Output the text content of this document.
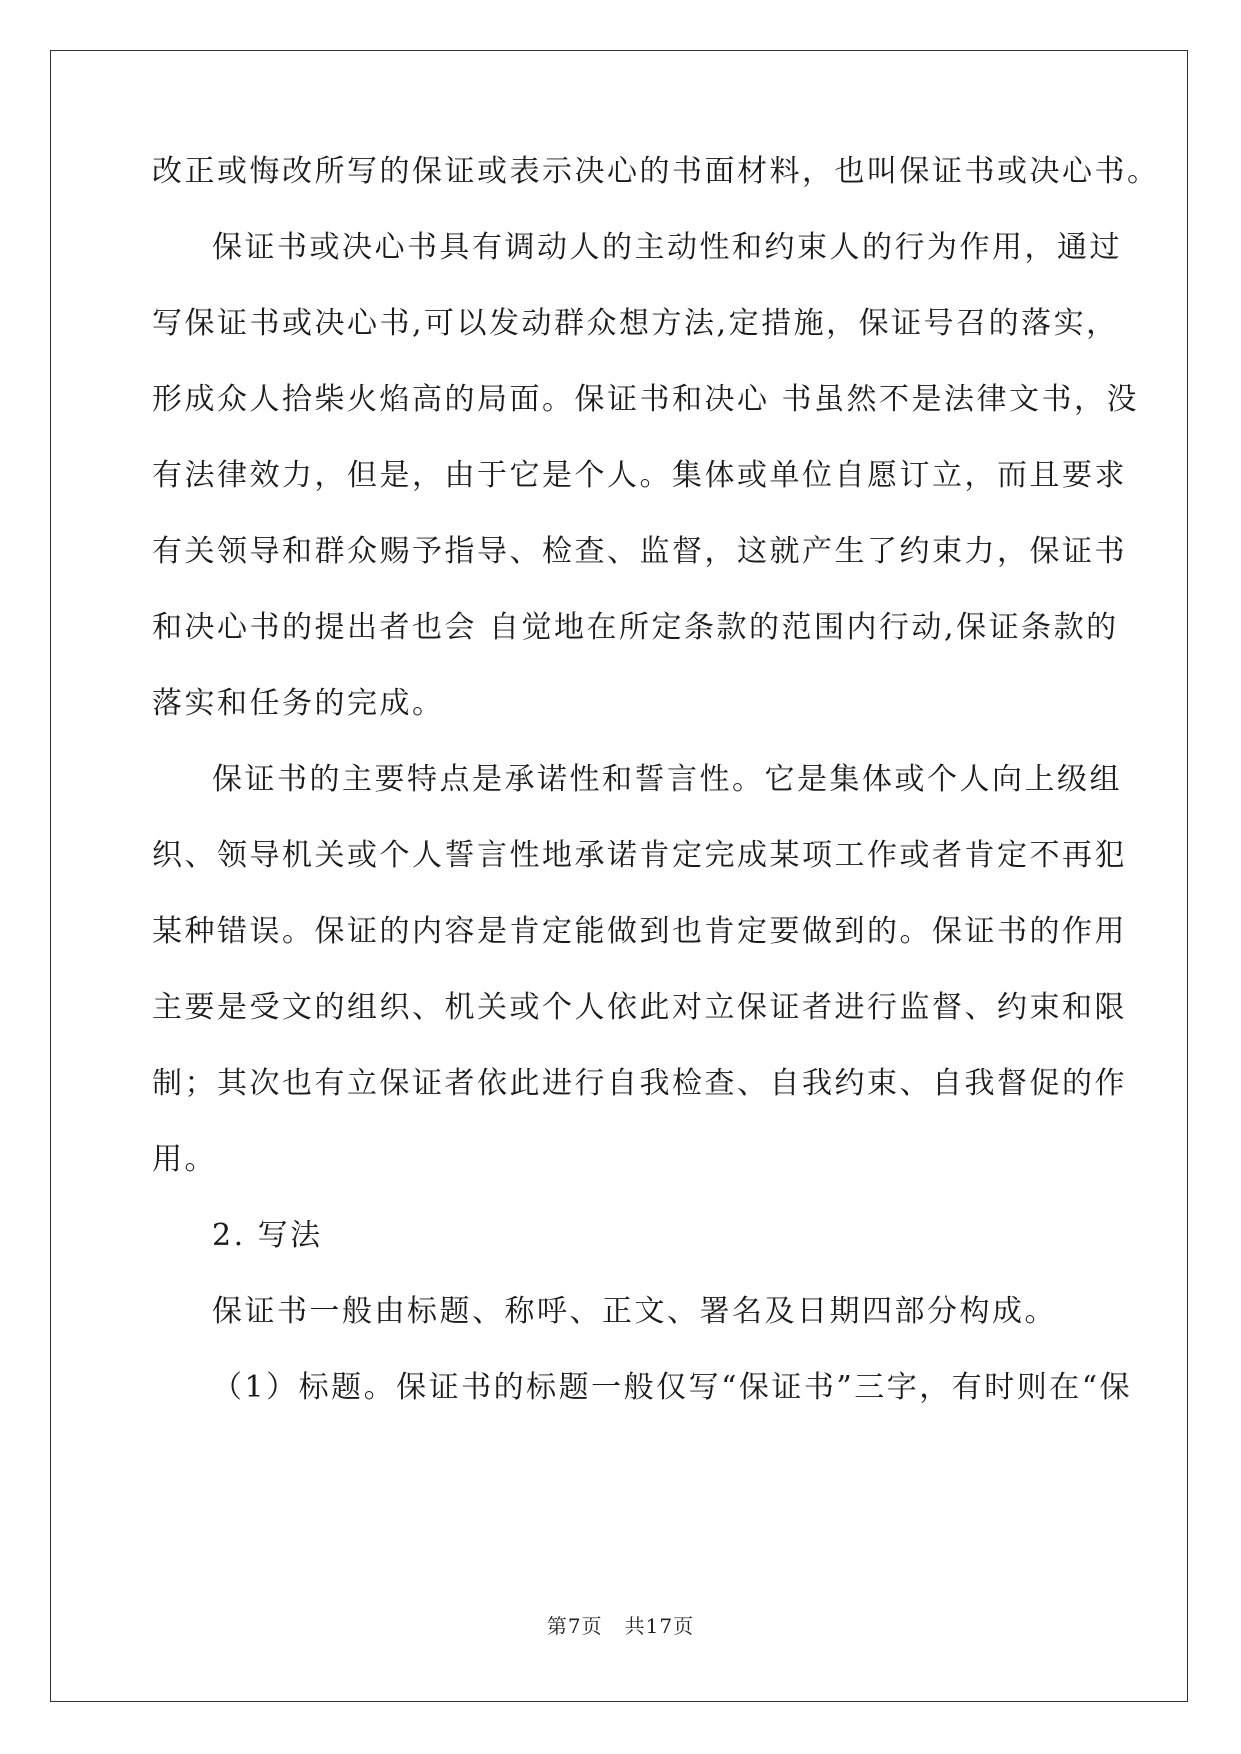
改正或悔改所写的保证或表示决心的书面材料，也叫保证书或决心书。
保证书或决心书具有调动人的主动性和约束人的行为作用，通过
写保证书或决心书,可以发动群众想方法,定措施，保证号召的落实，
形成众人拾柴火焰高的局面。保证书和决心 书虽然不是法律文书，没
有法律效力，但是，由于它是个人。集体或单位自愿订立，而且要求
有关领导和群众赐予指导、检查、监督，这就产生了约束力，保证书
和决心书的提出者也会 自觉地在所定条款的范围内行动,保证条款的
落实和任务的完成。
保证书的主要特点是承诺性和誓言性。它是集体或个人向上级组
织、领导机关或个人誓言性地承诺肯定完成某项工作或者肯定不再犯
某种错误。保证的内容是肯定能做到也肯定要做到的。保证书的作用
主要是受文的组织、机关或个人依此对立保证者进行监督、约束和限
制；其次也有立保证者依此进行自我检查、自我约束、自我督促的作
用。
2. 写法
保证书一般由标题、称呼、正文、署名及日期四部分构成。
（1）标题。保证书的标题一般仅写“保证书”三字，有时则在“保
第7页   共17页
